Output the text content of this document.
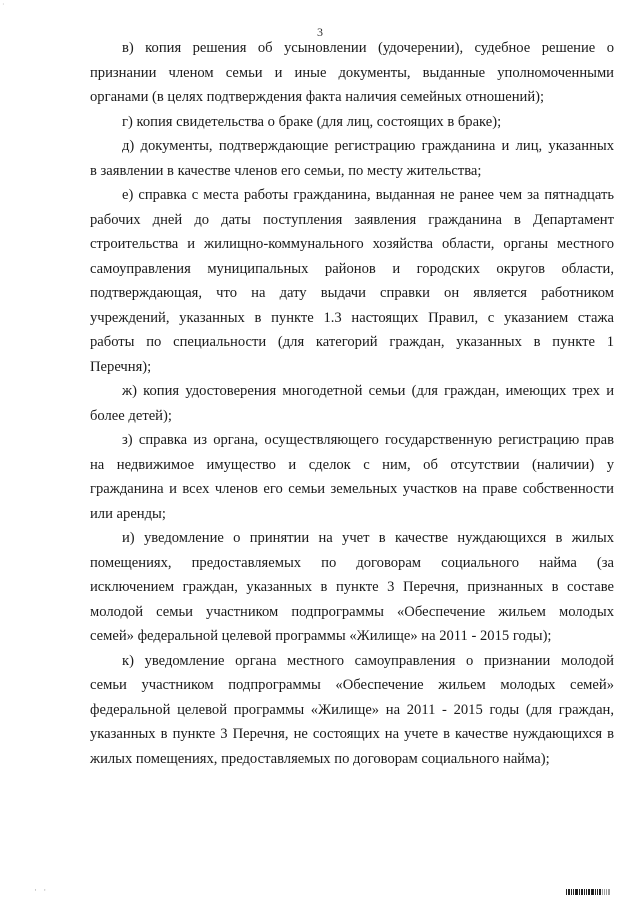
·
3
в) копия решения об усыновлении (удочерении), судебное решение о
признании членом семьи и иные документы, выданные уполномоченными
органами (в целях подтверждения факта наличия семейных отношений);
г) копия свидетельства о браке (для лиц, состоящих в браке);
д) документы, подтверждающие регистрацию гражданина и лиц, указанных
в заявлении в качестве членов его семьи, по месту жительства;
е) справка с места работы гражданина, выданная не ранее чем за пятнадцать
рабочих дней до даты поступления заявления гражданина в Департамент
строительства и жилищно-коммунального хозяйства области, органы местного
самоуправления муниципальных районов и городских округов области,
подтверждающая, что на дату выдачи справки он является работником
учреждений, указанных в пункте 1.3 настоящих Правил, с указанием стажа
работы по специальности (для категорий граждан, указанных в пункте 1
Перечня);
ж) копия удостоверения многодетной семьи (для граждан, имеющих трех и
более детей);
з) справка из органа, осуществляющего государственную регистрацию прав
на недвижимое имущество и сделок с ним, об отсутствии (наличии) у
гражданина и всех членов его семьи земельных участков на праве собственности
или аренды;
и) уведомление о принятии на учет в качестве нуждающихся в жилых
помещениях, предоставляемых по договорам социального найма (за
исключением граждан, указанных в пункте 3 Перечня, признанных в составе
молодой семьи участником подпрограммы «Обеспечение жильем молодых
семей» федеральной целевой программы «Жилище» на 2011 - 2015 годы);
к) уведомление органа местного самоуправления о признании молодой
семьи участником подпрограммы «Обеспечение жильем молодых семей»
федеральной целевой программы «Жилище» на 2011 - 2015 годы (для граждан,
указанных в пункте 3 Перечня, не состоящих на учете в качестве нуждающихся в
жилых помещениях, предоставляемых по договорам социального найма);
· ·
